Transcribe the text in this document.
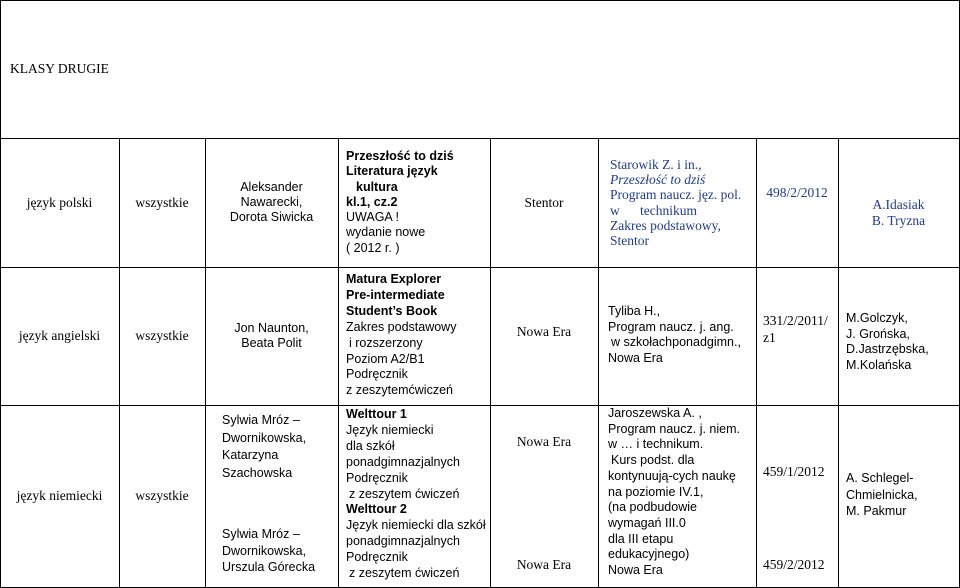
KLASY DRUGIE
język polski	wszystkie
Aleksander
Nawarecki,
Dorota Siwicka
Przeszłość to dziś
Literatura język
kultura
kl.1, cz.2
UWAGA !
wydanie nowe
( 2012 r. )
Stentor
Starowik Z. i in.,
Przeszłość to dziś
Program naucz. jęz. pol.
w      technikum
Zakres podstawowy,
Stentor
498/2/2012
A.Idasiak
B. Tryzna
język angielski	wszystkie
Jon Naunton,
Beata Polit
Matura Explorer
Pre-intermediate
Student’s Book
Zakres podstawowy
i rozszerzony
Poziom A2/B1
Podręcznik
z zeszytemćwiczeń
Nowa Era
Tyliba H.,
Program naucz. j. ang.
w szkołachponadgimn.,
Nowa Era
331/2/2011/
z1
M.Golczyk,
J. Grońska,
D.Jastrzębska,
M.Kolańska
język niemiecki wszystkie
Sylwia Mróz –
Dwornikowska,
Katarzyna
Szachowska
Sylwia Mróz –
Dwornikowska,
Urszula Górecka
Welttour 1
Język niemiecki
dla szkół
ponadgimnazjalnych
Podręcznik
z zeszytem ćwiczeń
Welttour 2
Język niemiecki dla szkół
ponadgimnazjalnych
Podręcznik
z zeszytem ćwiczeń
Nowa Era
Nowa Era
Jaroszewska A. ,
Program naucz. j. niem.
w … i technikum.
Kurs podst. dla
kontynuują-cych naukę
na poziomie IV.1,
(na podbudowie
wymagań III.0
dla III etapu
edukacyjnego)
Nowa Era
459/1/2012
459/2/2012
A. Schlegel-
Chmielnicka,
M. Pakmur
